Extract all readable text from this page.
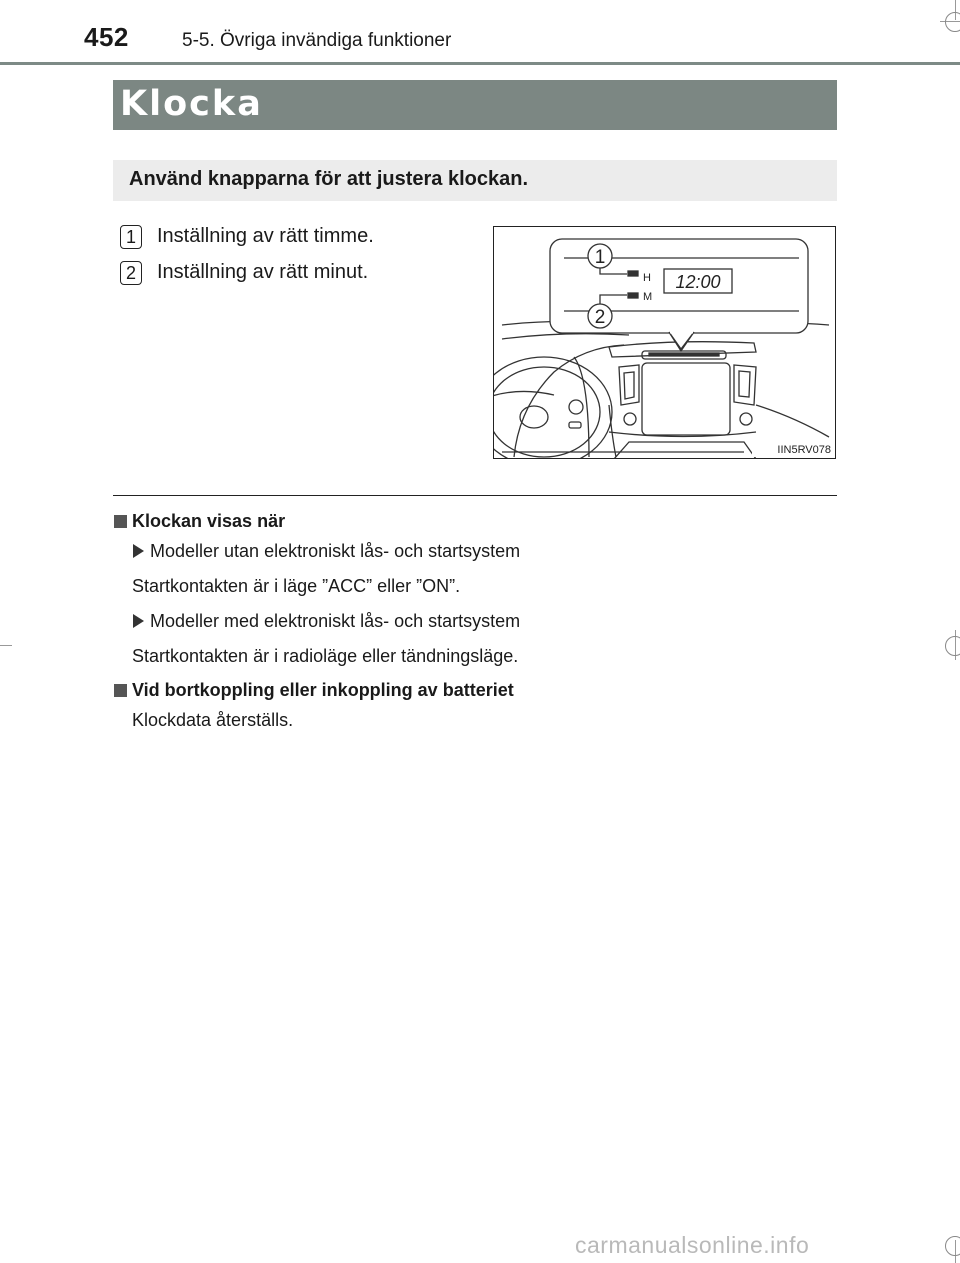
452	5-5. Övriga invändiga funktioner
Klocka
Använd knapparna för att justera klockan.
1	Inställning av rätt timme.
2	Inställning av rätt minut.
1
2
H
M
12:00
IIN5RV078
Klockan visas när
Modeller utan elektroniskt lås- och startsystem
Startkontakten är i läge ”ACC” eller ”ON”.
Modeller med elektroniskt lås- och startsystem
Startkontakten är i radioläge eller tändningsläge.
Vid bortkoppling eller inkoppling av batteriet
Klockdata återställs.
carmanualsonline.info
